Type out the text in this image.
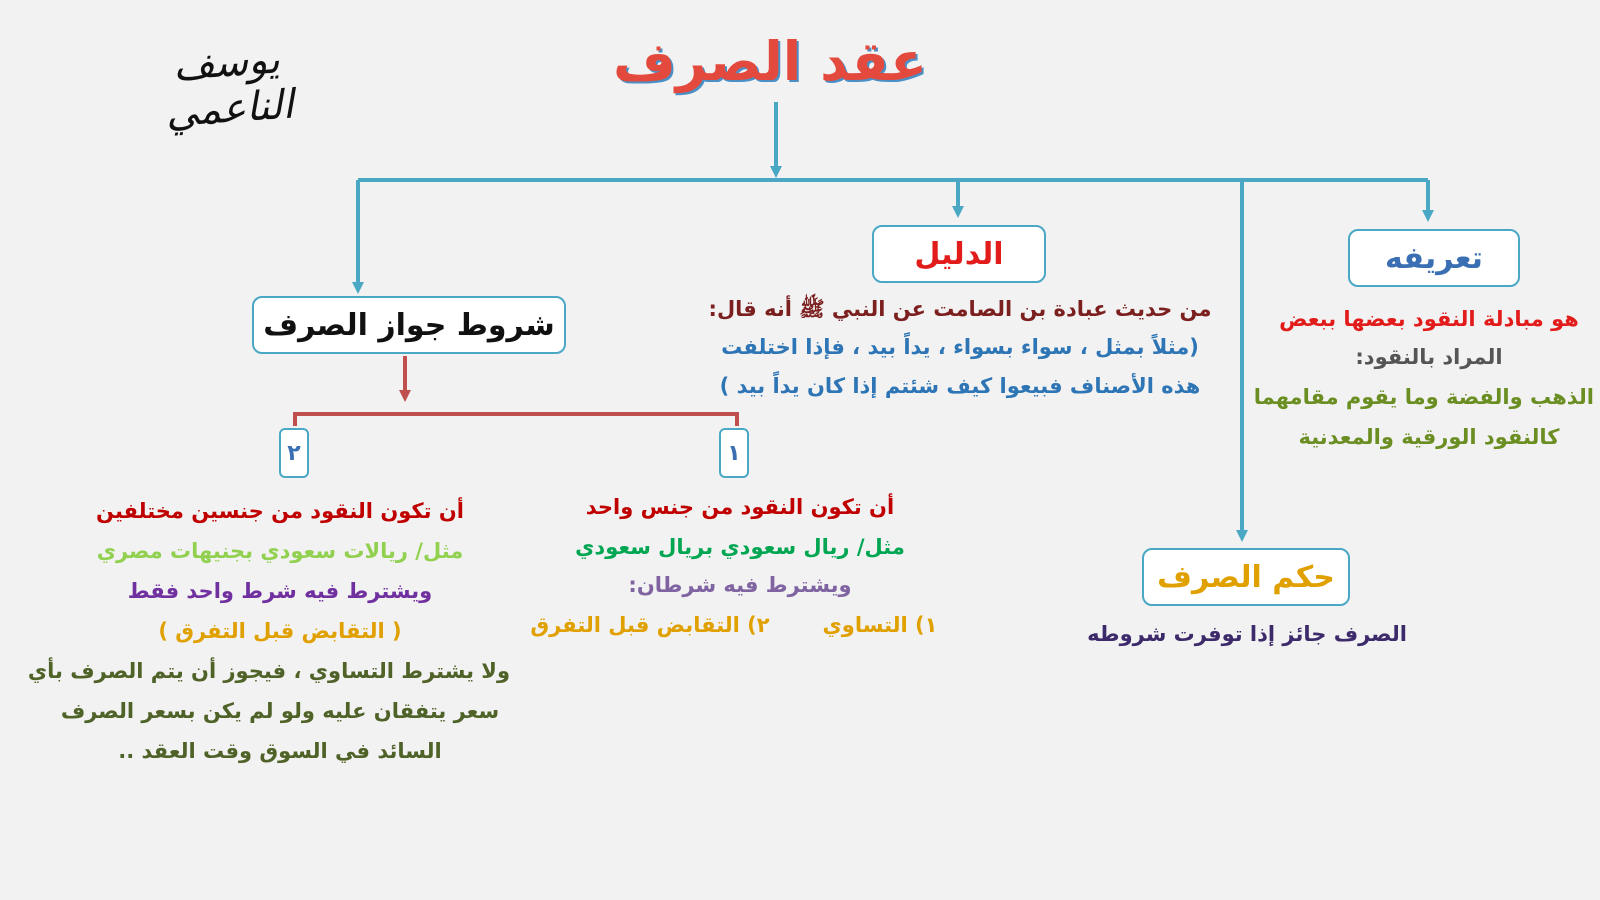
عقد الصرف
يوسف الناعمي
تعريفه
هو مبادلة النقود بعضها ببعض
المراد بالنقود:
الذهب والفضة وما يقوم مقامهما
كالنقود الورقية والمعدنية
الدليل
من حديث عبادة بن الصامت عن النبي ﷺ أنه قال:
(مثلاً بمثل ، سواء بسواء ، يداً بيد ، فإذا اختلفت
هذه الأصناف فبيعوا كيف شئتم إذا كان يداً بيد )
حكم الصرف
الصرف جائز إذا توفرت شروطه
شروط جواز الصرف
٢	١
أن تكون النقود من جنس واحد
مثل/ ريال سعودي بريال سعودي
ويشترط فيه شرطان:
١) التساوي
٢) التقابض قبل التفرق
أن تكون النقود من جنسين مختلفين
مثل/ ريالات سعودي بجنيهات مصري
ويشترط فيه شرط واحد فقط
( التقابض قبل التفرق )
ولا يشترط التساوي ، فيجوز أن يتم الصرف بأي
سعر يتفقان عليه ولو لم يكن بسعر الصرف
السائد في السوق وقت العقد ..
